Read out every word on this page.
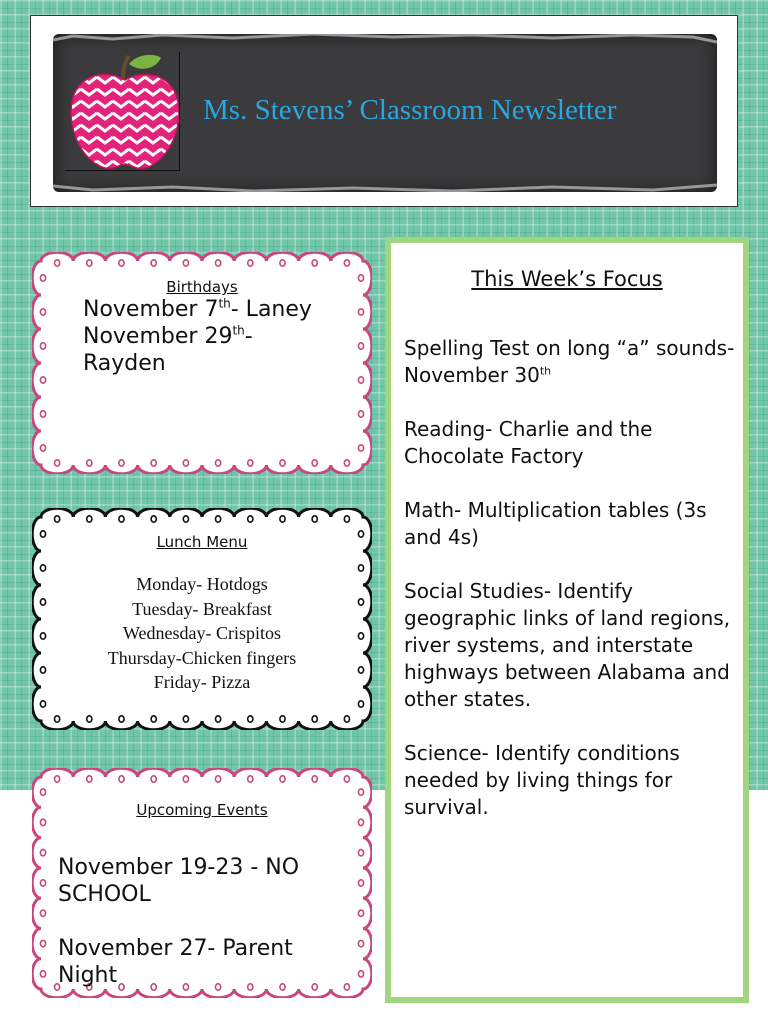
Ms. Stevens’ Classroom Newsletter
Birthdays
November 7th- Laney
November 29th-
Rayden
Lunch Menu
Monday- Hotdogs
Tuesday- Breakfast
Wednesday- Crispitos
Thursday-Chicken fingers
Friday- Pizza
Upcoming Events

November 19-23 - NO SCHOOL

November 27- Parent Night

This Week’s Focus

Spelling Test on long “a” sounds- November 30th

Reading- Charlie and the Chocolate Factory

Math- Multiplication tables (3s and 4s)

Social Studies- Identify geographic links of land regions, river systems, and interstate highways between Alabama and other states.

Science- Identify conditions needed by living things for survival.
